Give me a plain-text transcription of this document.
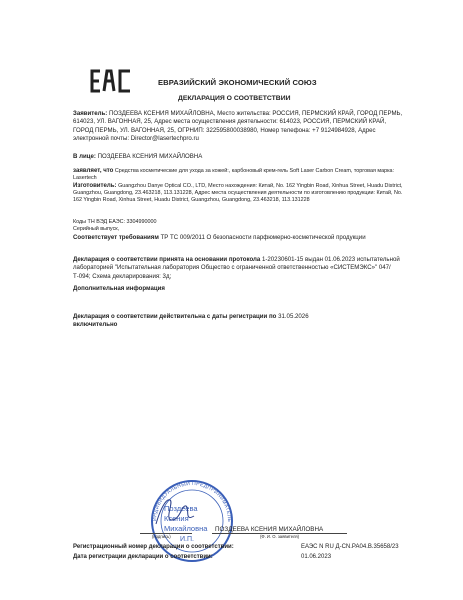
ЕВРАЗИЙСКИЙ ЭКОНОМИЧЕСКИЙ СОЮЗ
ДЕКЛАРАЦИЯ О СООТВЕТСТВИИ
Заявитель: ПОЗДЕЕВА КСЕНИЯ МИХАЙЛОВНА, Место жительства: РОССИЯ, ПЕРМСКИЙ КРАЙ, ГОРОД ПЕРМЬ, 614023, УЛ. ВАГОННАЯ, 25, Адрес места осуществления деятельности: 614023, РОССИЯ, ПЕРМСКИЙ КРАЙ, ГОРОД ПЕРМЬ, УЛ. ВАГОННАЯ, 25, ОГРНИП: 322595800038980, Номер телефона: +7 9124984928, Адрес электронной почты: Director@lasertechpro.ru
В лице: ПОЗДЕЕВА КСЕНИЯ МИХАЙЛОВНА
заявляет, что Средства косметические для ухода за кожей:, карбоновый крем-гель Soft Laser Carbon Cream, торговая марка: Lasertech
Изготовитель: Guangzhou Danye Optical CO., LTD, Место нахождения: Китай, No. 162 Yingbin Road, Xinhua Street, Huadu District, Guangzhou, Guangdong, 23.463218, 113.131228, Адрес места осуществления деятельности по изготовлению продукции: Китай, No. 162 Yingbin Road, Xinhua Street, Huadu District, Guangzhou, Guangdong, 23.463218, 113.131228
Коды ТН ВЭД ЕАЭС: 3304990000
Серийный выпуск,
Соответствует требованиям ТР ТС 009/2011 О безопасности парфюмерно-косметической продукции
Декларация о соответствии принята на основании протокола 1-20230601-15 выдан 01.06.2023 испытательной лабораторией "Испытательная лаборатория Общество с ограниченной ответственностью «СИСТЕМЭКС»" 047/Т-094; Схема декларирования: 3д;
Дополнительная информация
Декларация о соответствии действительна с даты регистрации по 31.05.2026
включительно
ИНДИВИДУАЛЬНЫЙ ПРЕДПРИНИМАТЕЛЬ
Поздеева
Ксения
Михайловна
И.П.
(подпись)
ПОЗДЕЕВА КСЕНИЯ МИХАЙЛОВНА
(Ф. И. О. заявителя)
Регистрационный номер декларации о соответствии:	ЕАЭС N RU Д-CN.РА04.В.35658/23
Дата регистрации декларации о соответствии:	01.06.2023
